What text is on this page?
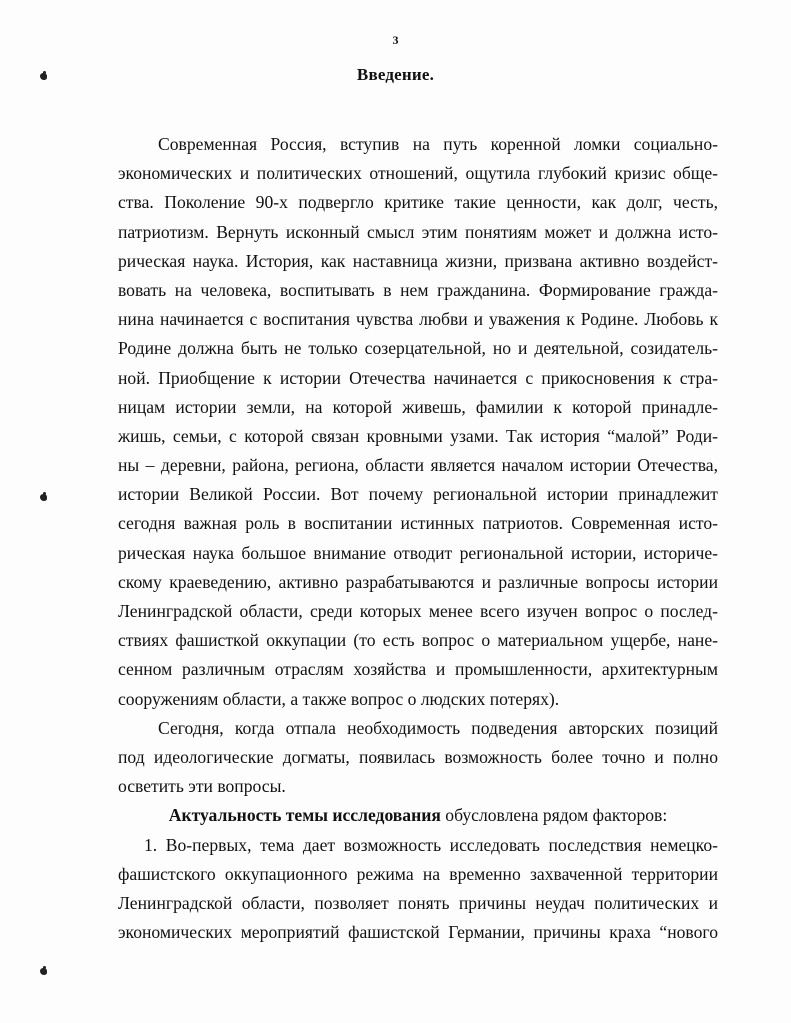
3
Введение.
Современная Россия, вступив на путь коренной ломки социально-
экономических и политических отношений, ощутила глубокий кризис обще-
ства. Поколение 90-х подвергло критике такие ценности, как долг, честь,
патриотизм. Вернуть исконный смысл этим понятиям может и должна исто-
рическая наука. История, как наставница жизни, призвана активно воздейст-
вовать на человека, воспитывать в нем гражданина. Формирование гражда-
нина начинается с воспитания чувства любви и уважения к Родине. Любовь к
Родине должна быть не только созерцательной, но и деятельной, созидатель-
ной. Приобщение к истории Отечества начинается с прикосновения к стра-
ницам истории земли, на которой живешь, фамилии к которой принадле-
жишь, семьи, с которой связан кровными узами. Так история “малой” Роди-
ны – деревни, района, региона, области является началом истории Отечества,
истории Великой России. Вот почему региональной истории принадлежит
сегодня важная роль в воспитании истинных патриотов. Современная исто-
рическая наука большое внимание отводит региональной истории, историче-
скому краеведению, активно разрабатываются и различные вопросы истории
Ленинградской области, среди которых менее всего изучен вопрос о послед-
ствиях фашисткой оккупации (то есть вопрос о материальном ущербе, нане-
сенном различным отраслям хозяйства и промышленности, архитектурным
сооружениям области, а также вопрос о людских потерях).
Сегодня, когда отпала необходимость подведения авторских позиций
под идеологические догматы, появилась возможность более точно и полно
осветить эти вопросы.
Актуальность темы исследования обусловлена рядом факторов:
1. Во-первых, тема дает возможность исследовать последствия немецко-
фашистского оккупационного режима на временно захваченной территории
Ленинградской области, позволяет понять причины неудач политических и
экономических мероприятий фашистской Германии, причины краха “нового
